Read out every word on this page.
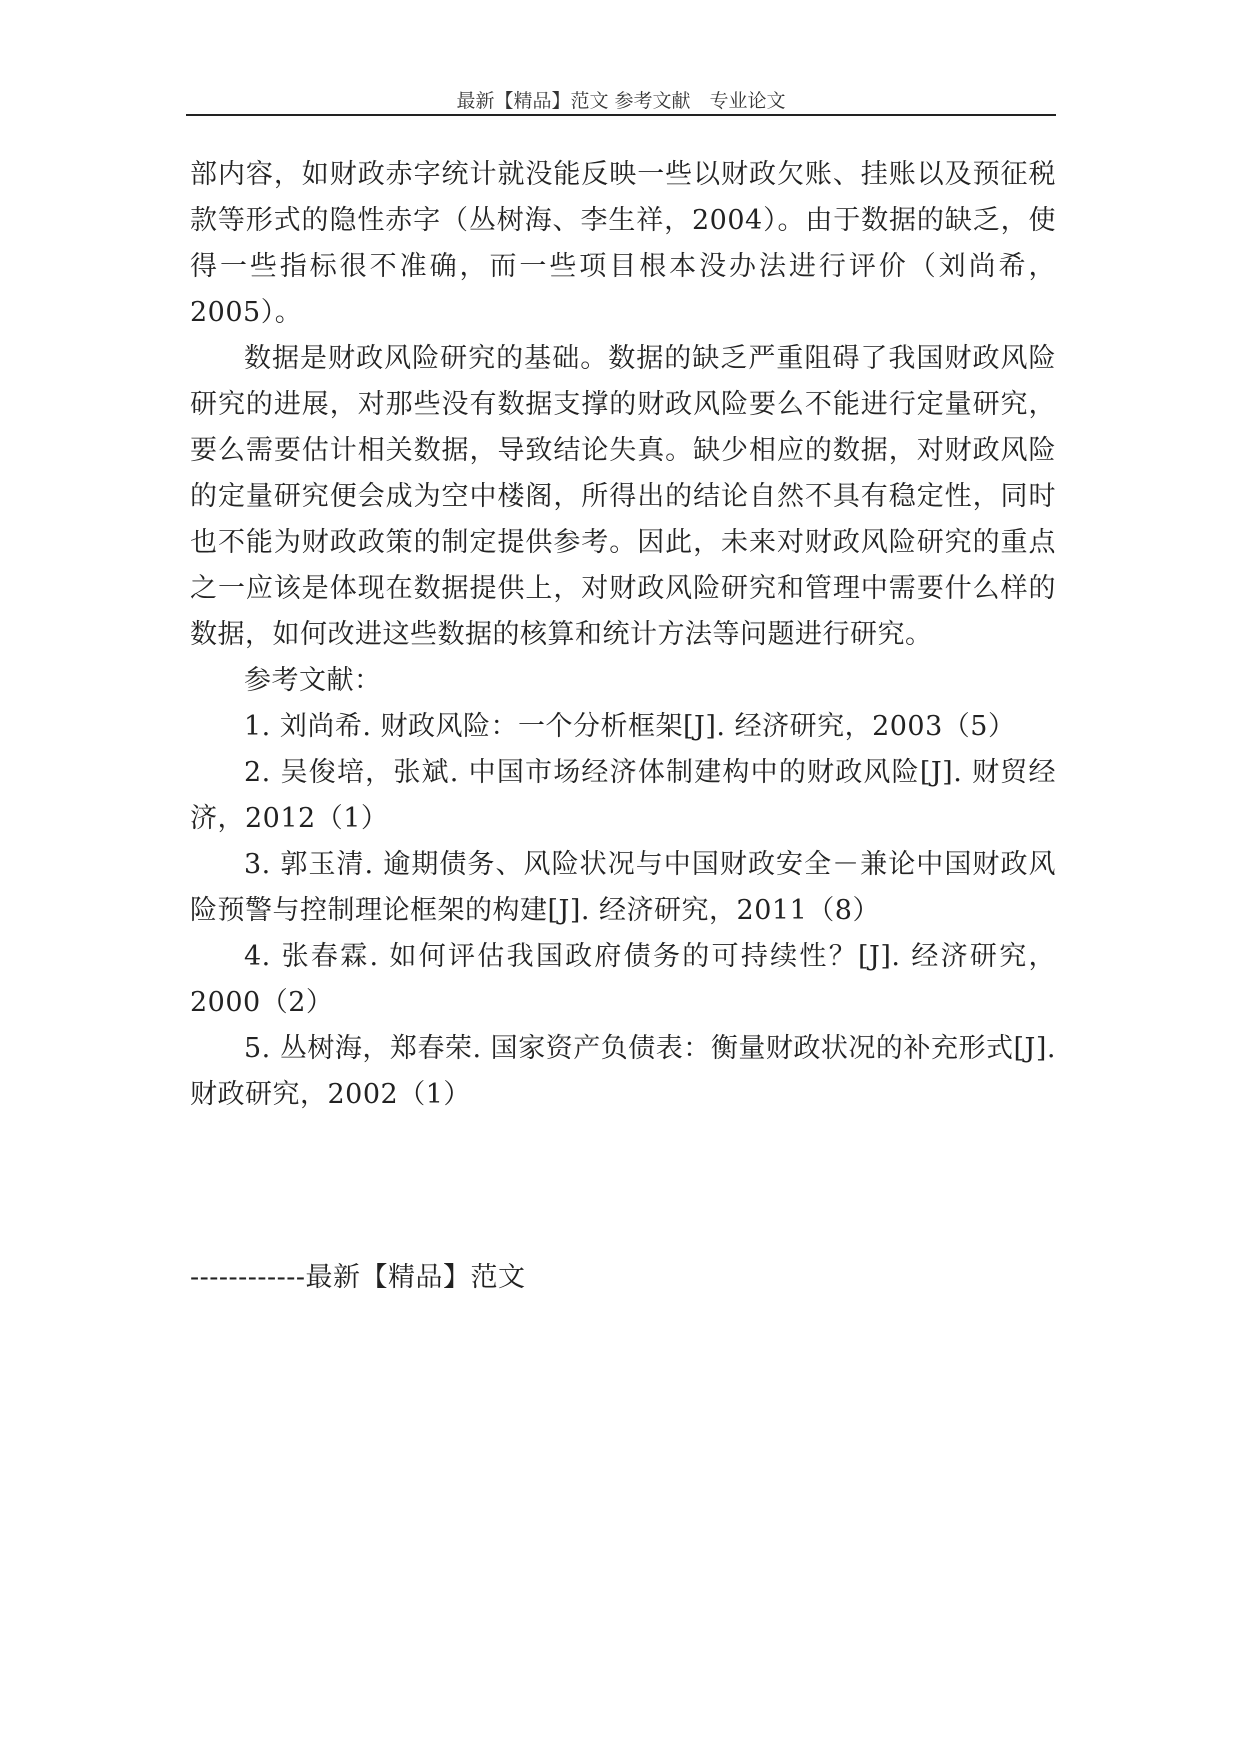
最新【精品】范文 参考文献　专业论文

部内容，如财政赤字统计就没能反映一些以财政欠账、挂账以及预征税款等形式的隐性赤字（丛树海、李生祥，2004）。由于数据的缺乏，使得一些指标很不准确，而一些项目根本没办法进行评价（刘尚希，2005）。

数据是财政风险研究的基础。数据的缺乏严重阻碍了我国财政风险研究的进展，对那些没有数据支撑的财政风险要么不能进行定量研究，要么需要估计相关数据，导致结论失真。缺少相应的数据，对财政风险的定量研究便会成为空中楼阁，所得出的结论自然不具有稳定性，同时也不能为财政政策的制定提供参考。因此，未来对财政风险研究的重点之一应该是体现在数据提供上，对财政风险研究和管理中需要什么样的数据，如何改进这些数据的核算和统计方法等问题进行研究。

参考文献：

1. 刘尚希. 财政风险：一个分析框架[J]. 经济研究，2003（5）

2. 吴俊培，张斌. 中国市场经济体制建构中的财政风险[J]. 财贸经济，2012（1）

3. 郭玉清. 逾期债务、风险状况与中国财政安全－兼论中国财政风险预警与控制理论框架的构建[J]. 经济研究，2011（8）

4. 张春霖. 如何评估我国政府债务的可持续性？[J]. 经济研究，2000（2）

5. 丛树海，郑春荣. 国家资产负债表：衡量财政状况的补充形式[J]. 财政研究，2002（1）

------------最新【精品】范文
